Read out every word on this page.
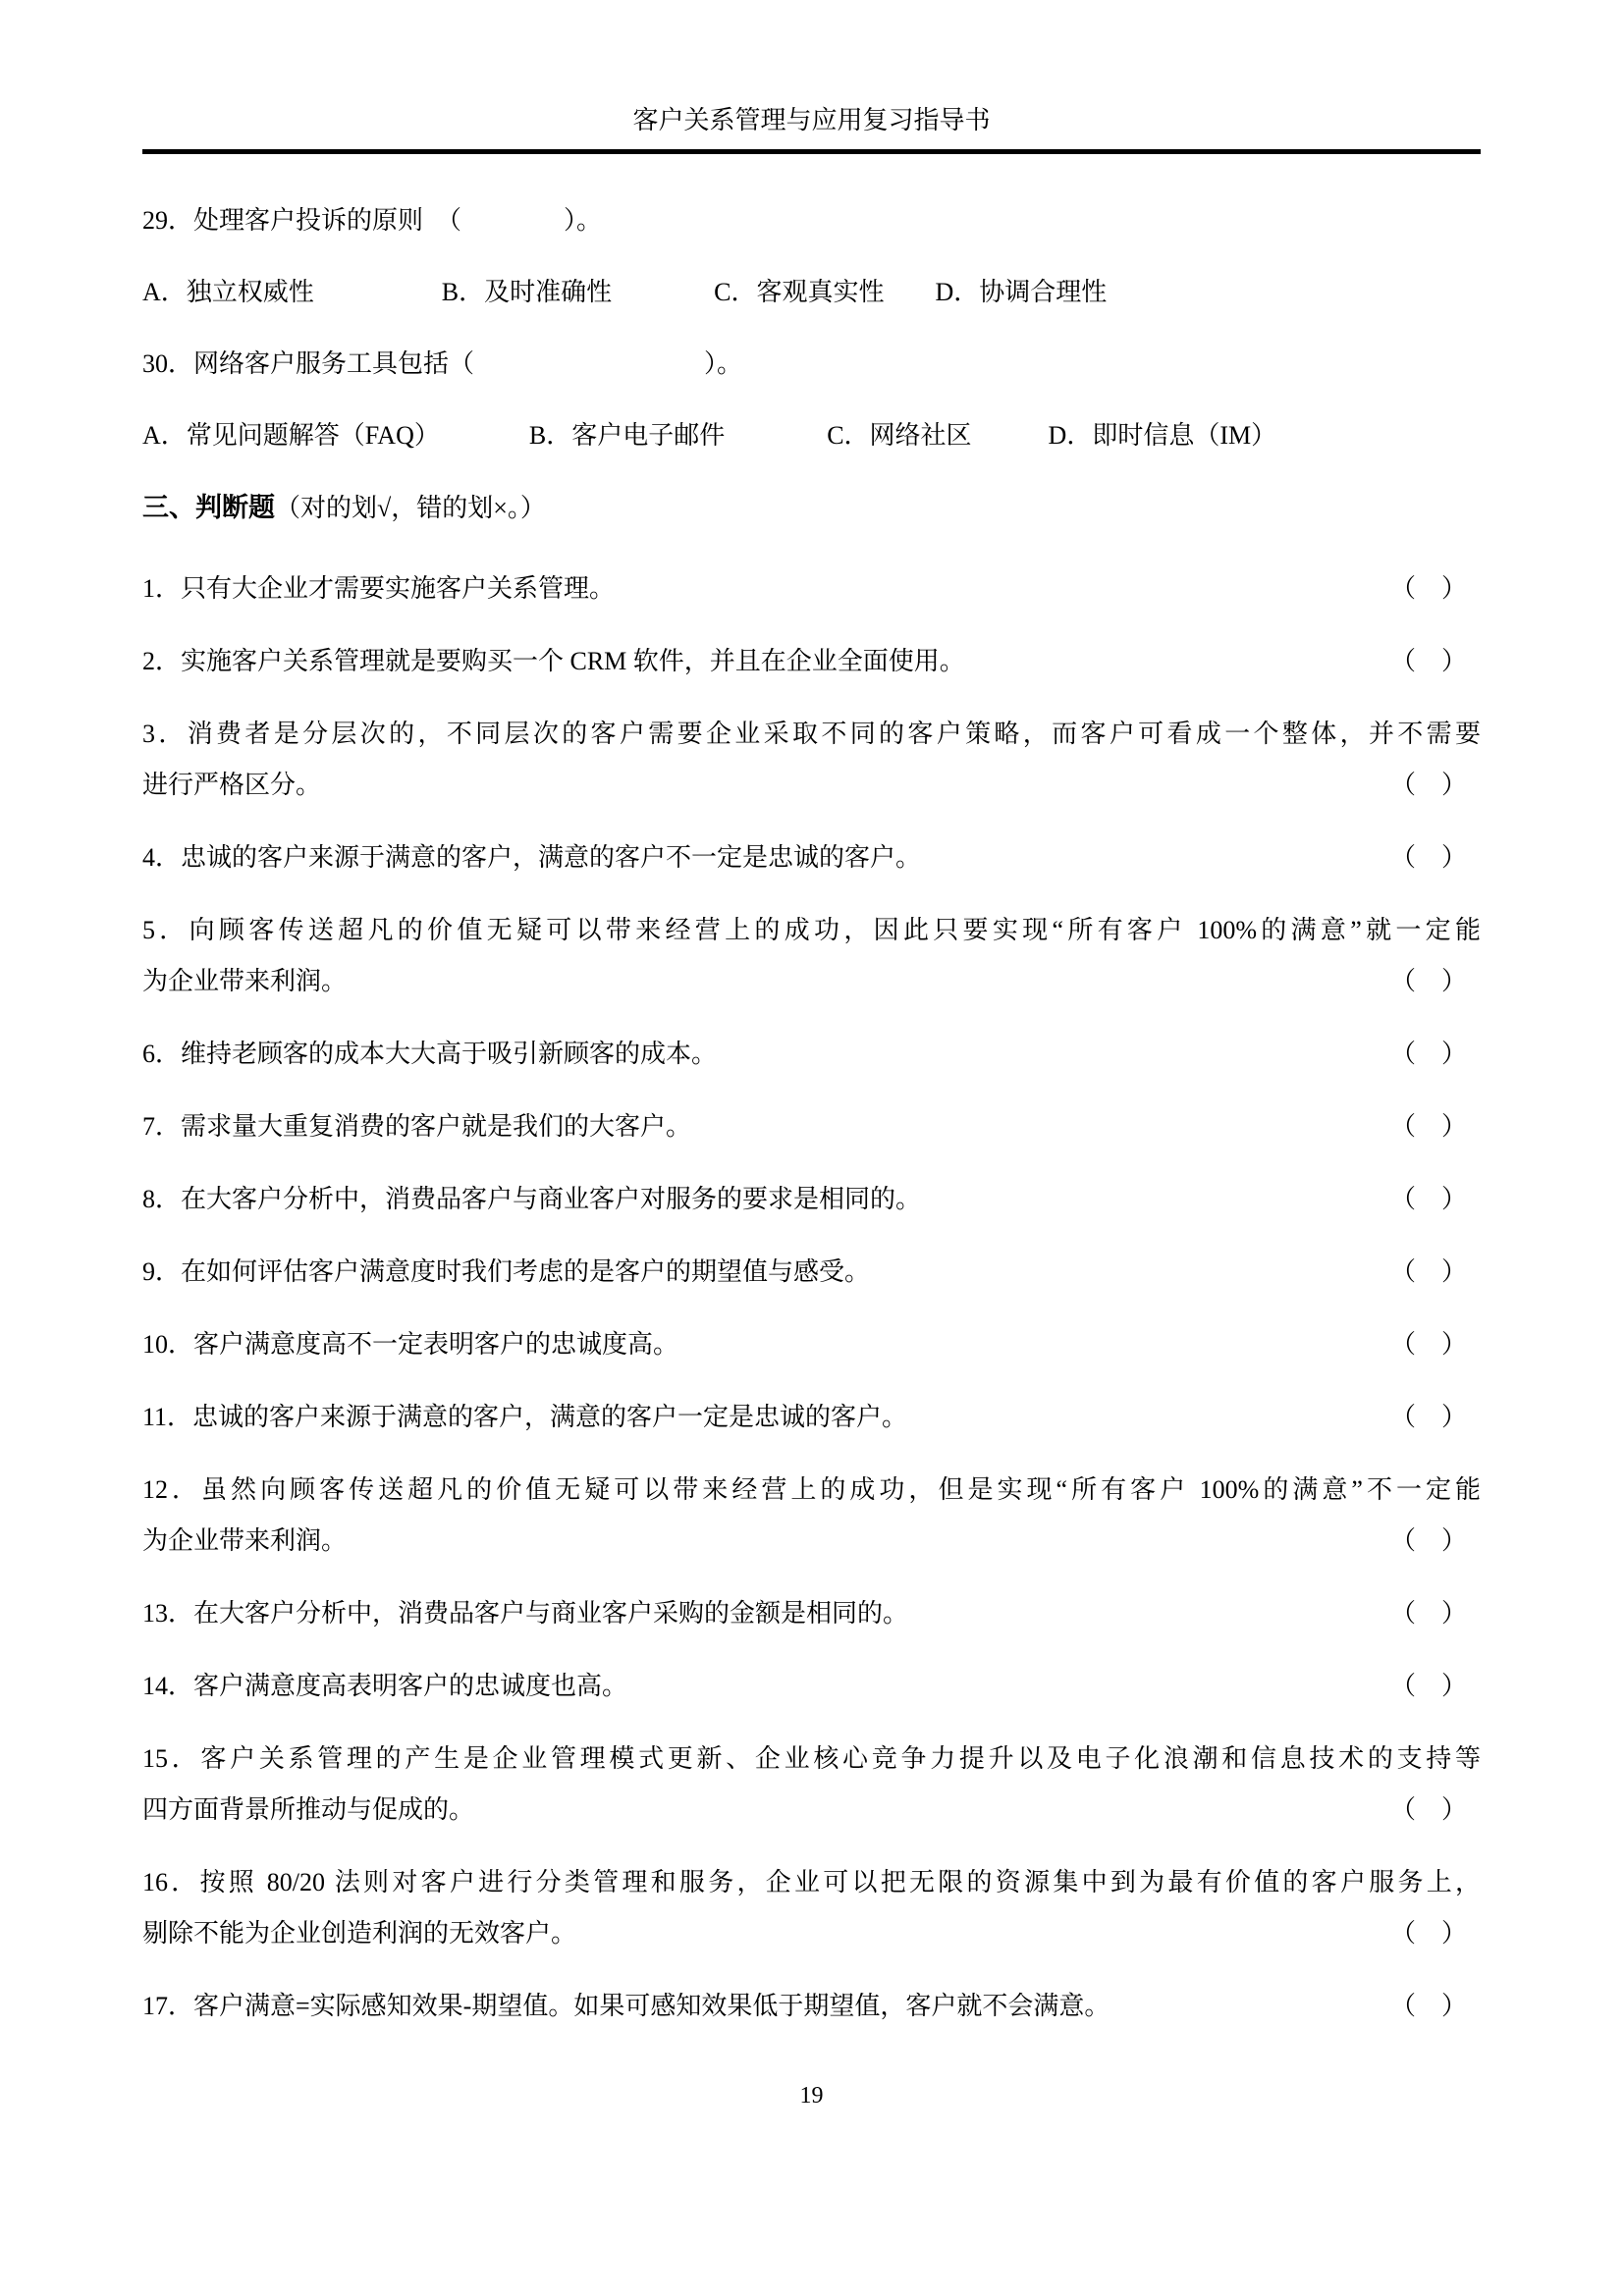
客户关系管理与应用复习指导书

29．处理客户投诉的原则　（　　　　）。

A．独立权威性　　　　　B．及时准确性　　　　C．客观真实性　　D．协调合理性

30．网络客户服务工具包括（　　　　　　　　　）。

A．常见问题解答（FAQ）　　　　B．客户电子邮件　　　　C．网络社区　　　D．即时信息（IM）

三、判断题（对的划√，错的划×。）

1．只有大企业才需要实施客户关系管理。	（　）
2．实施客户关系管理就是要购买一个 CRM 软件，并且在企业全面使用。	（　）
3．消费者是分层次的，不同层次的客户需要企业采取不同的客户策略，而客户可看成一个整体，并不需要
进行严格区分。	（　）
4．忠诚的客户来源于满意的客户，满意的客户不一定是忠诚的客户。	（　）
5．向顾客传送超凡的价值无疑可以带来经营上的成功，因此只要实现“所有客户 100%的满意”就一定能
为企业带来利润。	（　）
6．维持老顾客的成本大大高于吸引新顾客的成本。	（　）
7．需求量大重复消费的客户就是我们的大客户。	（　）
8．在大客户分析中，消费品客户与商业客户对服务的要求是相同的。	（　）
9．在如何评估客户满意度时我们考虑的是客户的期望值与感受。	（　）
10．客户满意度高不一定表明客户的忠诚度高。	（　）
11．忠诚的客户来源于满意的客户，满意的客户一定是忠诚的客户。	（　）
12．虽然向顾客传送超凡的价值无疑可以带来经营上的成功，但是实现“所有客户 100%的满意”不一定能
为企业带来利润。	（　）
13．在大客户分析中，消费品客户与商业客户采购的金额是相同的。	（　）
14．客户满意度高表明客户的忠诚度也高。	（　）
15．客户关系管理的产生是企业管理模式更新、企业核心竞争力提升以及电子化浪潮和信息技术的支持等
四方面背景所推动与促成的。	（　）
16．按照 80/20 法则对客户进行分类管理和服务，企业可以把无限的资源集中到为最有价值的客户服务上，
剔除不能为企业创造利润的无效客户。	（　）
17．客户满意=实际感知效果-期望值。如果可感知效果低于期望值，客户就不会满意。	（　）
19
